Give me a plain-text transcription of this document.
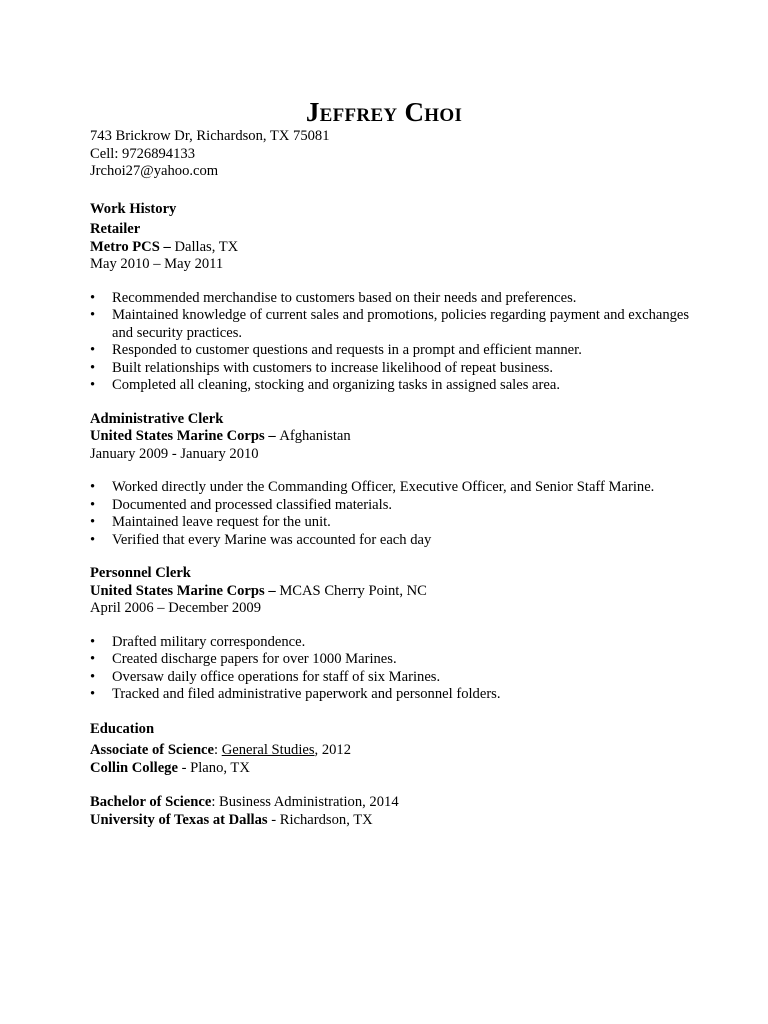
Jeffrey Choi
743 Brickrow Dr, Richardson, TX 75081
Cell: 9726894133
Jrchoi27@yahoo.com
Work History
Retailer
Metro PCS – Dallas, TX
May 2010 – May 2011
• Recommended merchandise to customers based on their needs and preferences.
• Maintained knowledge of current sales and promotions, policies regarding payment and exchanges and security practices.
• Responded to customer questions and requests in a prompt and efficient manner.
• Built relationships with customers to increase likelihood of repeat business.
• Completed all cleaning, stocking and organizing tasks in assigned sales area.
Administrative Clerk
United States Marine Corps – Afghanistan
January 2009 - January 2010
• Worked directly under the Commanding Officer, Executive Officer, and Senior Staff Marine.
• Documented and processed classified materials.
• Maintained leave request for the unit.
• Verified that every Marine was accounted for each day
Personnel Clerk
United States Marine Corps – MCAS Cherry Point, NC
April 2006 – December 2009
• Drafted military correspondence.
• Created discharge papers for over 1000 Marines.
• Oversaw daily office operations for staff of six Marines.
• Tracked and filed administrative paperwork and personnel folders.
Education
Associate of Science: General Studies, 2012
Collin College - Plano, TX
Bachelor of Science: Business Administration, 2014
University of Texas at Dallas - Richardson, TX
